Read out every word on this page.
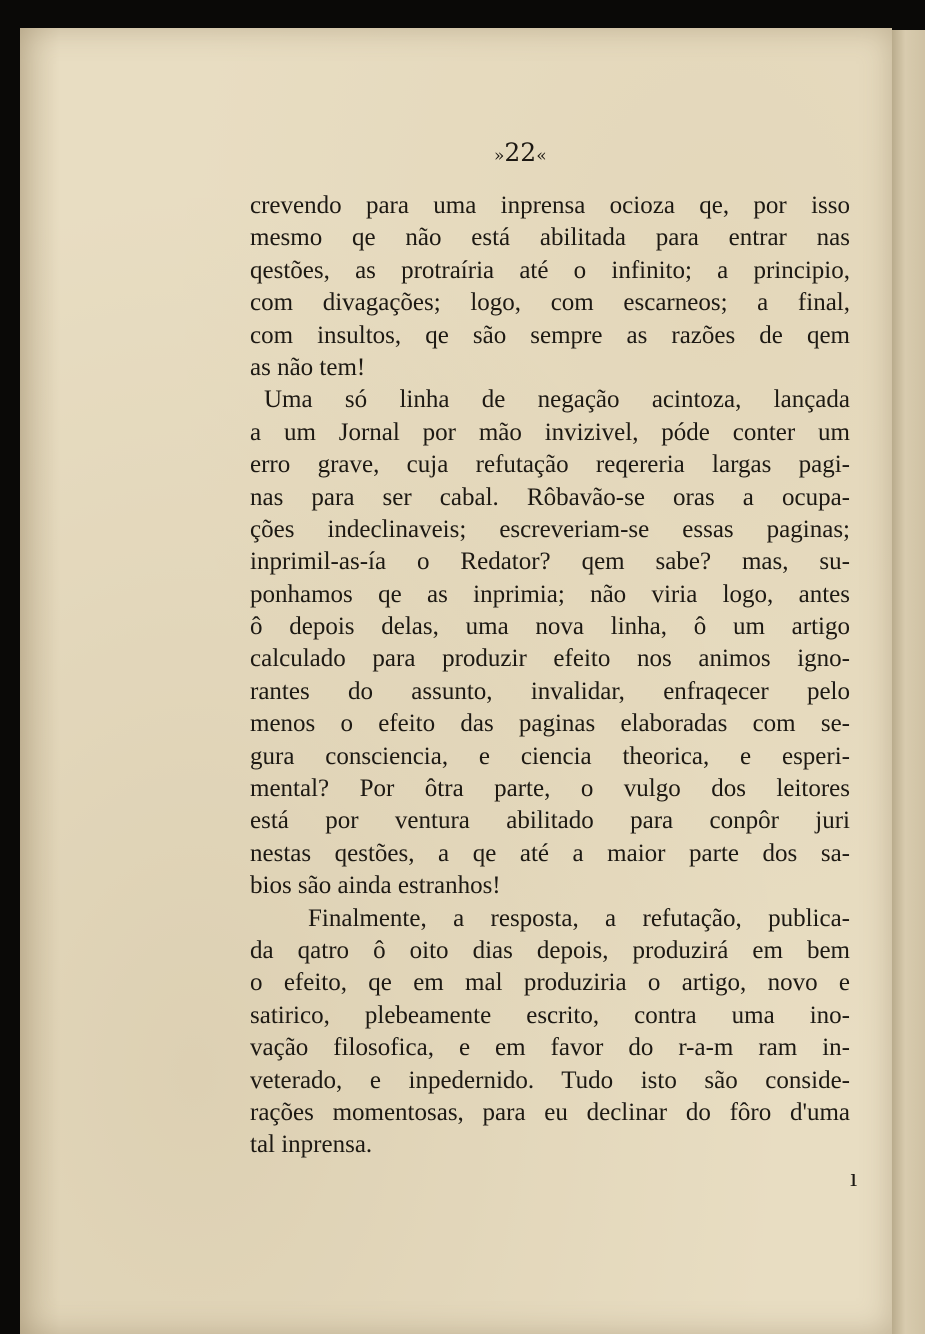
»22«
crevendo para uma inprensa ocioza qe, por isso
mesmo qe não está abilitada para entrar nas
qestões, as protraíria até o infinito; a principio,
com divagações; logo, com escarneos; a final,
com insultos, qe são sempre as razões de qem
as não tem!
Uma só linha de negação acintoza, lançada
a um Jornal por mão invizivel, póde conter um
erro grave, cuja refutação reqereria largas pagi-
nas para ser cabal. Rôbavão-se oras a ocupa-
ções indeclinaveis; escreveriam-se essas paginas;
inprimil-as-ía o Redator? qem sabe? mas, su-
ponhamos qe as inprimia; não viria logo, antes
ô depois delas, uma nova linha, ô um artigo
calculado para produzir efeito nos animos igno-
rantes do assunto, invalidar, enfraqecer pelo
menos o efeito das paginas elaboradas com se-
gura consciencia, e ciencia theorica, e esperi-
mental? Por ôtra parte, o vulgo dos leitores
está por ventura abilitado para conpôr juri
nestas qestões, a qe até a maior parte dos sa-
bios são ainda estranhos!
Finalmente, a resposta, a refutação, publica-
da qatro ô oito dias depois, produzirá em bem
o efeito, qe em mal produziria o artigo, novo e
satirico, plebeamente escrito, contra uma ino-
vação filosofica, e em favor do r-a-m ram in-
veterado, e inpedernido. Tudo isto são conside-
rações momentosas, para eu declinar do fôro d'uma
tal inprensa.
ı
